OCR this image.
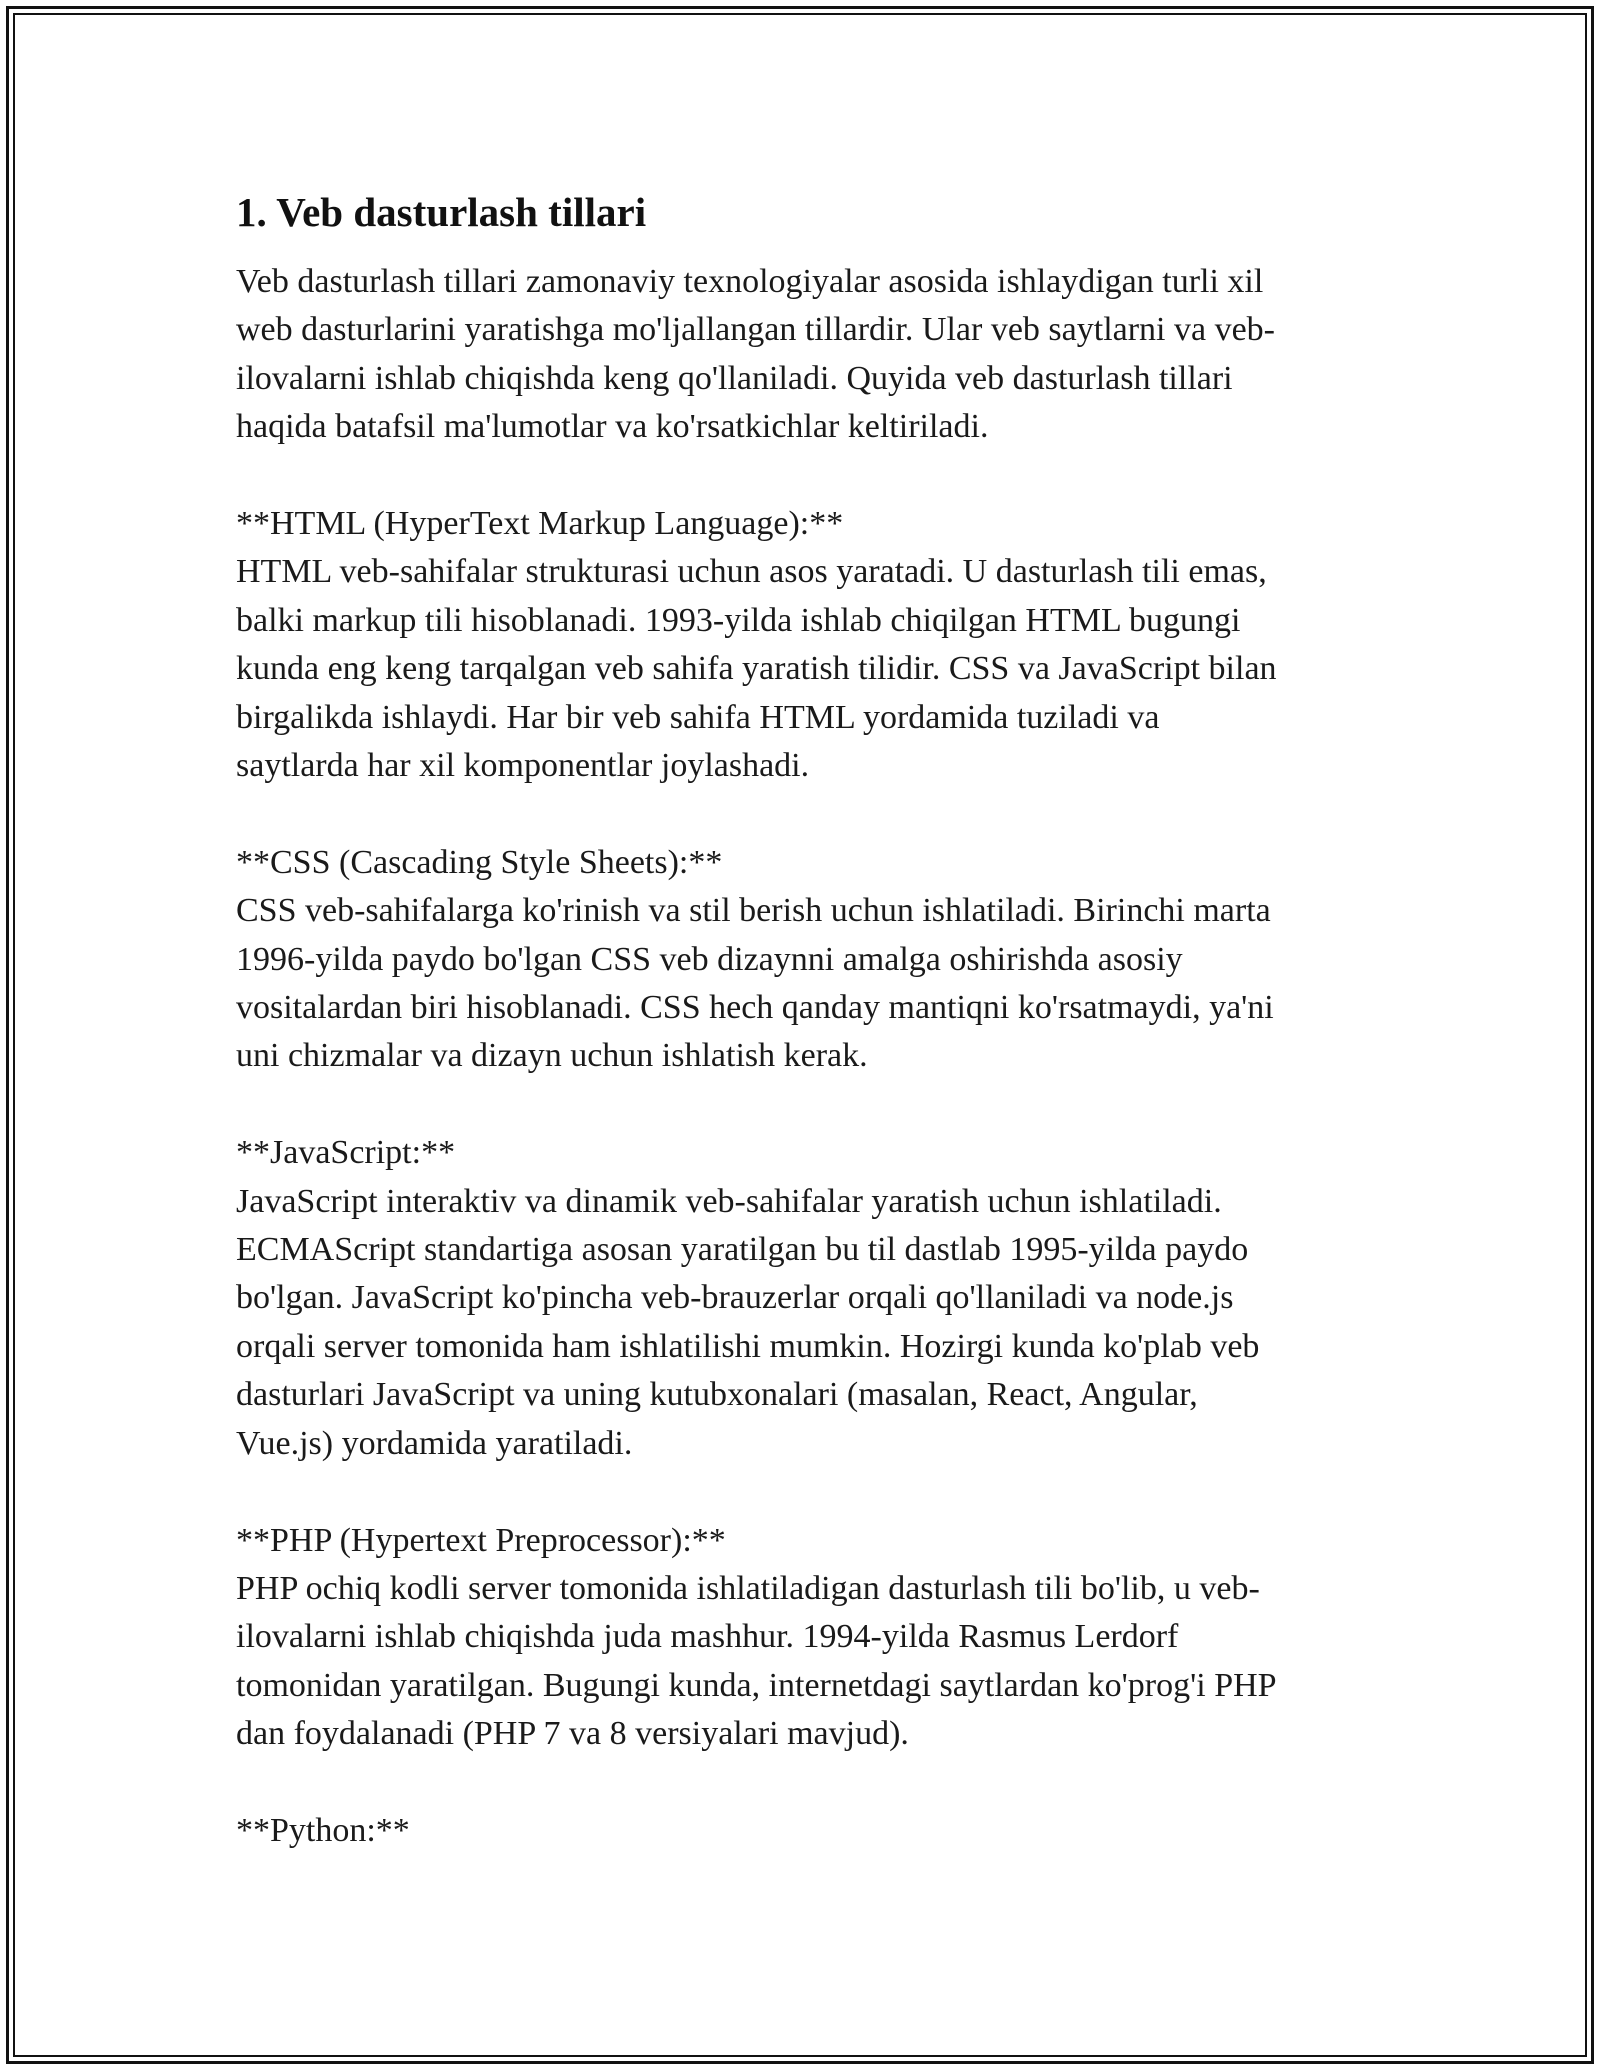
1. Veb dasturlash tillari

Veb dasturlash tillari zamonaviy texnologiyalar asosida ishlaydigan turli xil
web dasturlarini yaratishga mo'ljallangan tillardir. Ular veb saytlarni va veb-
ilovalarni ishlab chiqishda keng qo'llaniladi. Quyida veb dasturlash tillari
haqida batafsil ma'lumotlar va ko'rsatkichlar keltiriladi.

**HTML (HyperText Markup Language):**
HTML veb-sahifalar strukturasi uchun asos yaratadi. U dasturlash tili emas,
balki markup tili hisoblanadi. 1993-yilda ishlab chiqilgan HTML bugungi
kunda eng keng tarqalgan veb sahifa yaratish tilidir. CSS va JavaScript bilan
birgalikda ishlaydi. Har bir veb sahifa HTML yordamida tuziladi va
saytlarda har xil komponentlar joylashadi.

**CSS (Cascading Style Sheets):**
CSS veb-sahifalarga ko'rinish va stil berish uchun ishlatiladi. Birinchi marta
1996-yilda paydo bo'lgan CSS veb dizaynni amalga oshirishda asosiy
vositalardan biri hisoblanadi. CSS hech qanday mantiqni ko'rsatmaydi, ya'ni
uni chizmalar va dizayn uchun ishlatish kerak.

**JavaScript:**
JavaScript interaktiv va dinamik veb-sahifalar yaratish uchun ishlatiladi.
ECMAScript standartiga asosan yaratilgan bu til dastlab 1995-yilda paydo
bo'lgan. JavaScript ko'pincha veb-brauzerlar orqali qo'llaniladi va node.js
orqali server tomonida ham ishlatilishi mumkin. Hozirgi kunda ko'plab veb
dasturlari JavaScript va uning kutubxonalari (masalan, React, Angular,
Vue.js) yordamida yaratiladi.

**PHP (Hypertext Preprocessor):**
PHP ochiq kodli server tomonida ishlatiladigan dasturlash tili bo'lib, u veb-
ilovalarni ishlab chiqishda juda mashhur. 1994-yilda Rasmus Lerdorf
tomonidan yaratilgan. Bugungi kunda, internetdagi saytlardan ko'prog'i PHP
dan foydalanadi (PHP 7 va 8 versiyalari mavjud).

**Python:**
